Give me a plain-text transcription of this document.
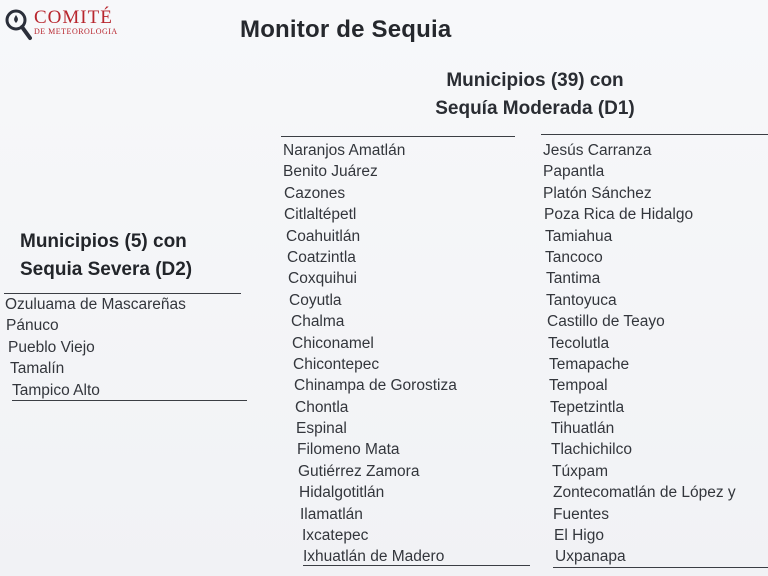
COMITÉ
DE METEOROLOGIA	Monitor de Sequia
Municipios (39) con
Sequía Moderada (D1)
Naranjos Amatlán
Benito Juárez
Cazones
Citlaltépetl
Coahuitlán
Coatzintla
Coxquihui
Coyutla
Chalma
Chiconamel
Chicontepec
Chinampa de Gorostiza
Chontla
Espinal
Filomeno Mata
Gutiérrez Zamora
Hidalgotitlán
Ilamatlán
Ixcatepec
Ixhuatlán de Madero
Jesús Carranza
Papantla
Platón Sánchez
Poza Rica de Hidalgo
Tamiahua
Tancoco
Tantima
Tantoyuca
Castillo de Teayo
Tecolutla
Temapache
Tempoal
Tepetzintla
Tihuatlán
Tlachichilco
Túxpam
Zontecomatlán de López y
Fuentes
El Higo
Uxpanapa
Municipios (5) con
Sequia Severa (D2)
Ozuluama de Mascareñas
Pánuco
Pueblo Viejo
Tamalín
Tampico Alto
